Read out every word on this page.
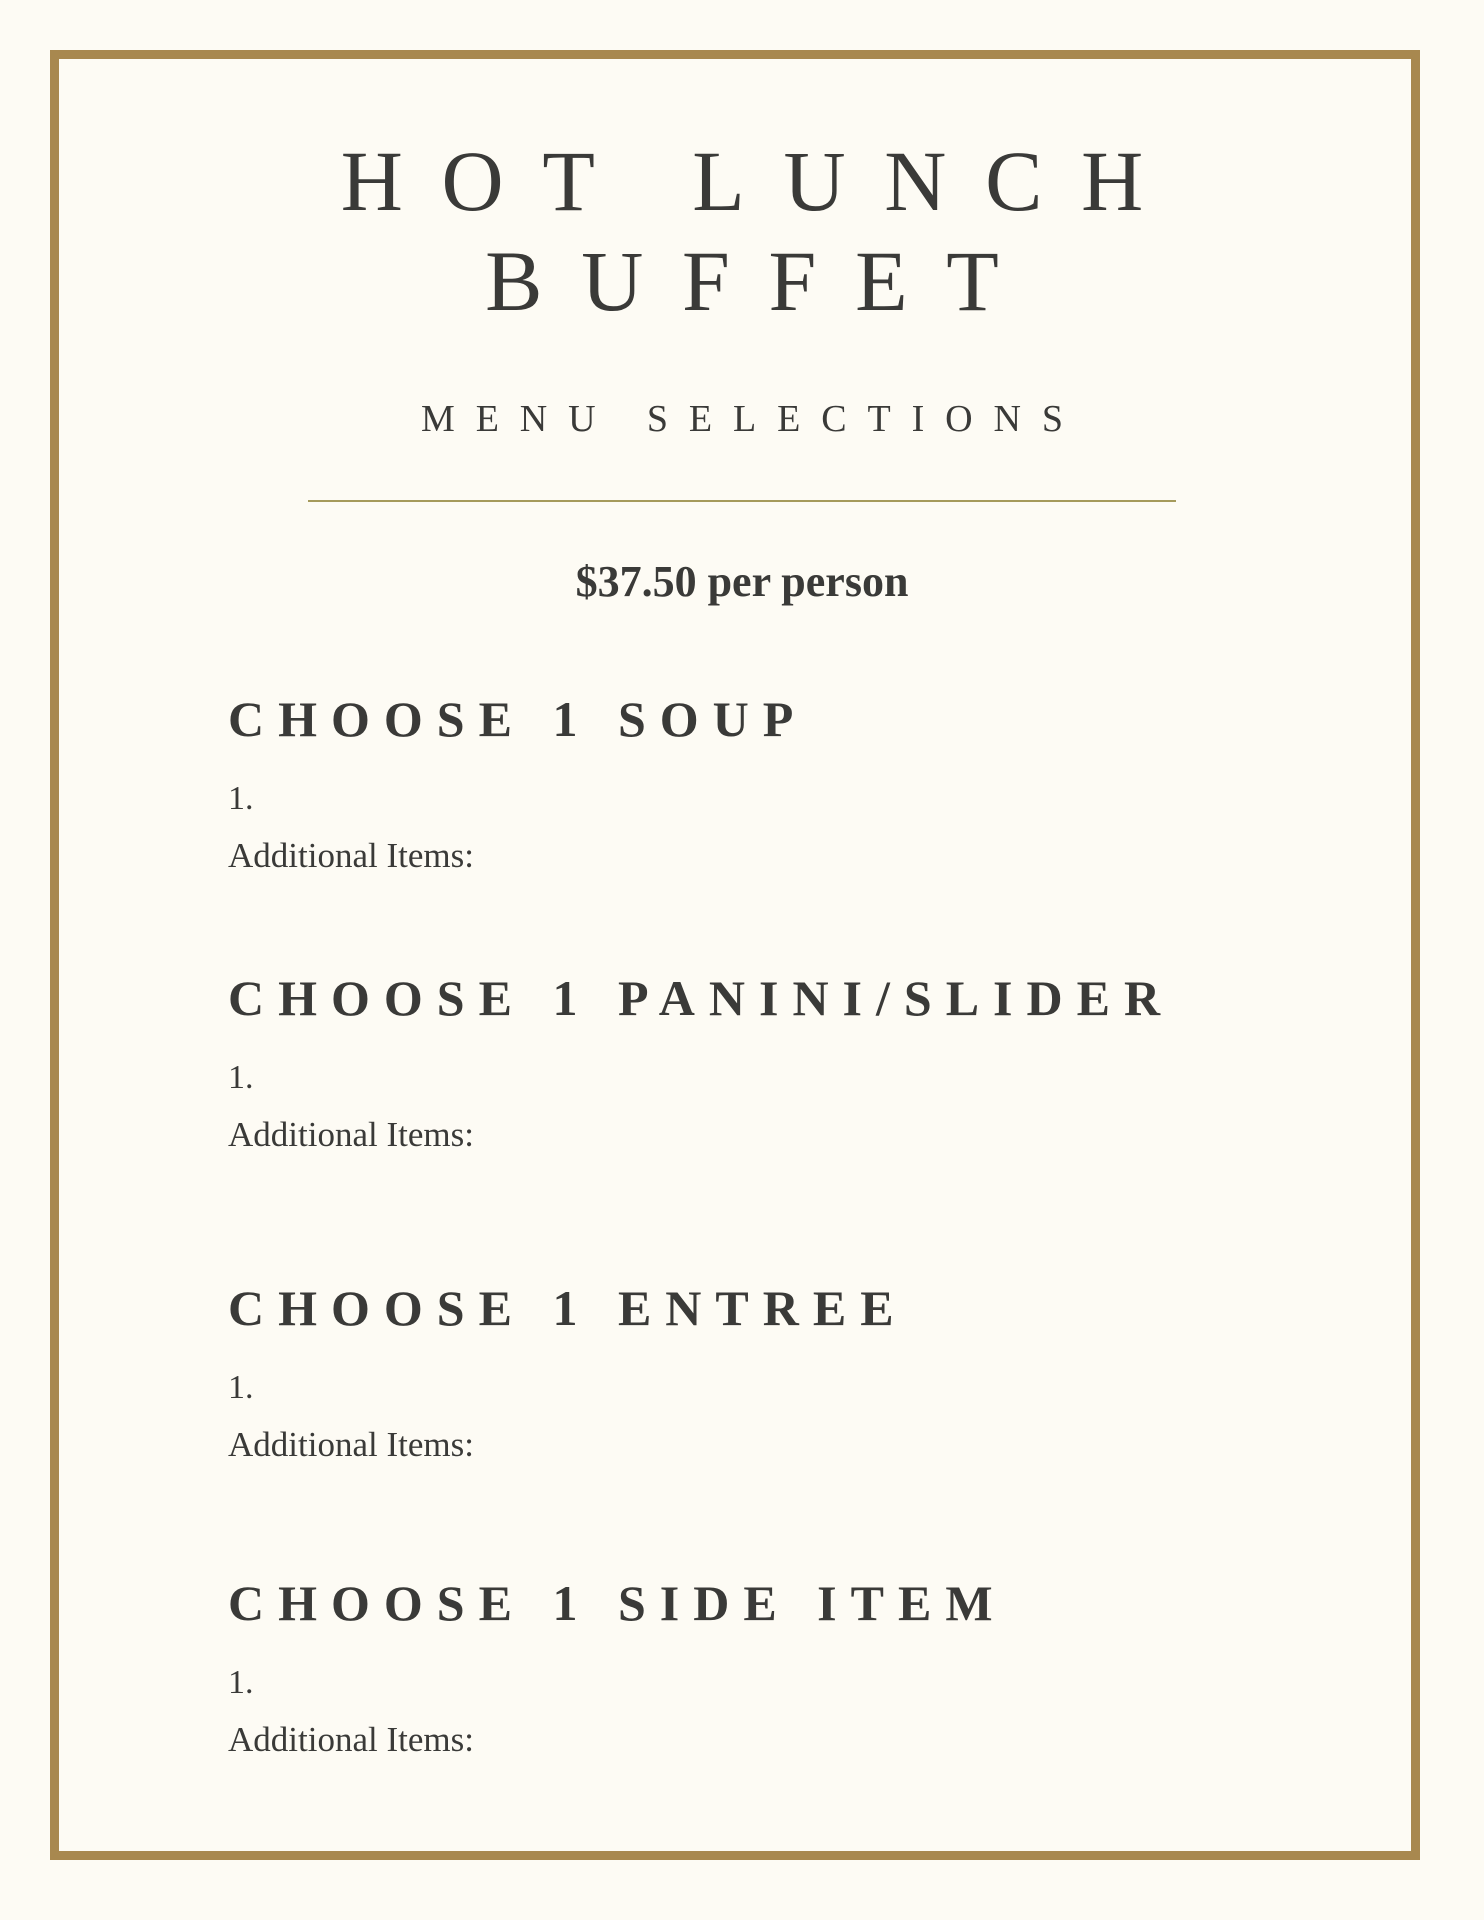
HOT LUNCH
BUFFET
MENU SELECTIONS
$37.50 per person
CHOOSE 1 SOUP
1.
Additional Items:
CHOOSE 1 PANINI/SLIDER
1.
Additional Items:
CHOOSE 1 ENTREE
1.
Additional Items:
CHOOSE 1 SIDE ITEM
1.
Additional Items:
